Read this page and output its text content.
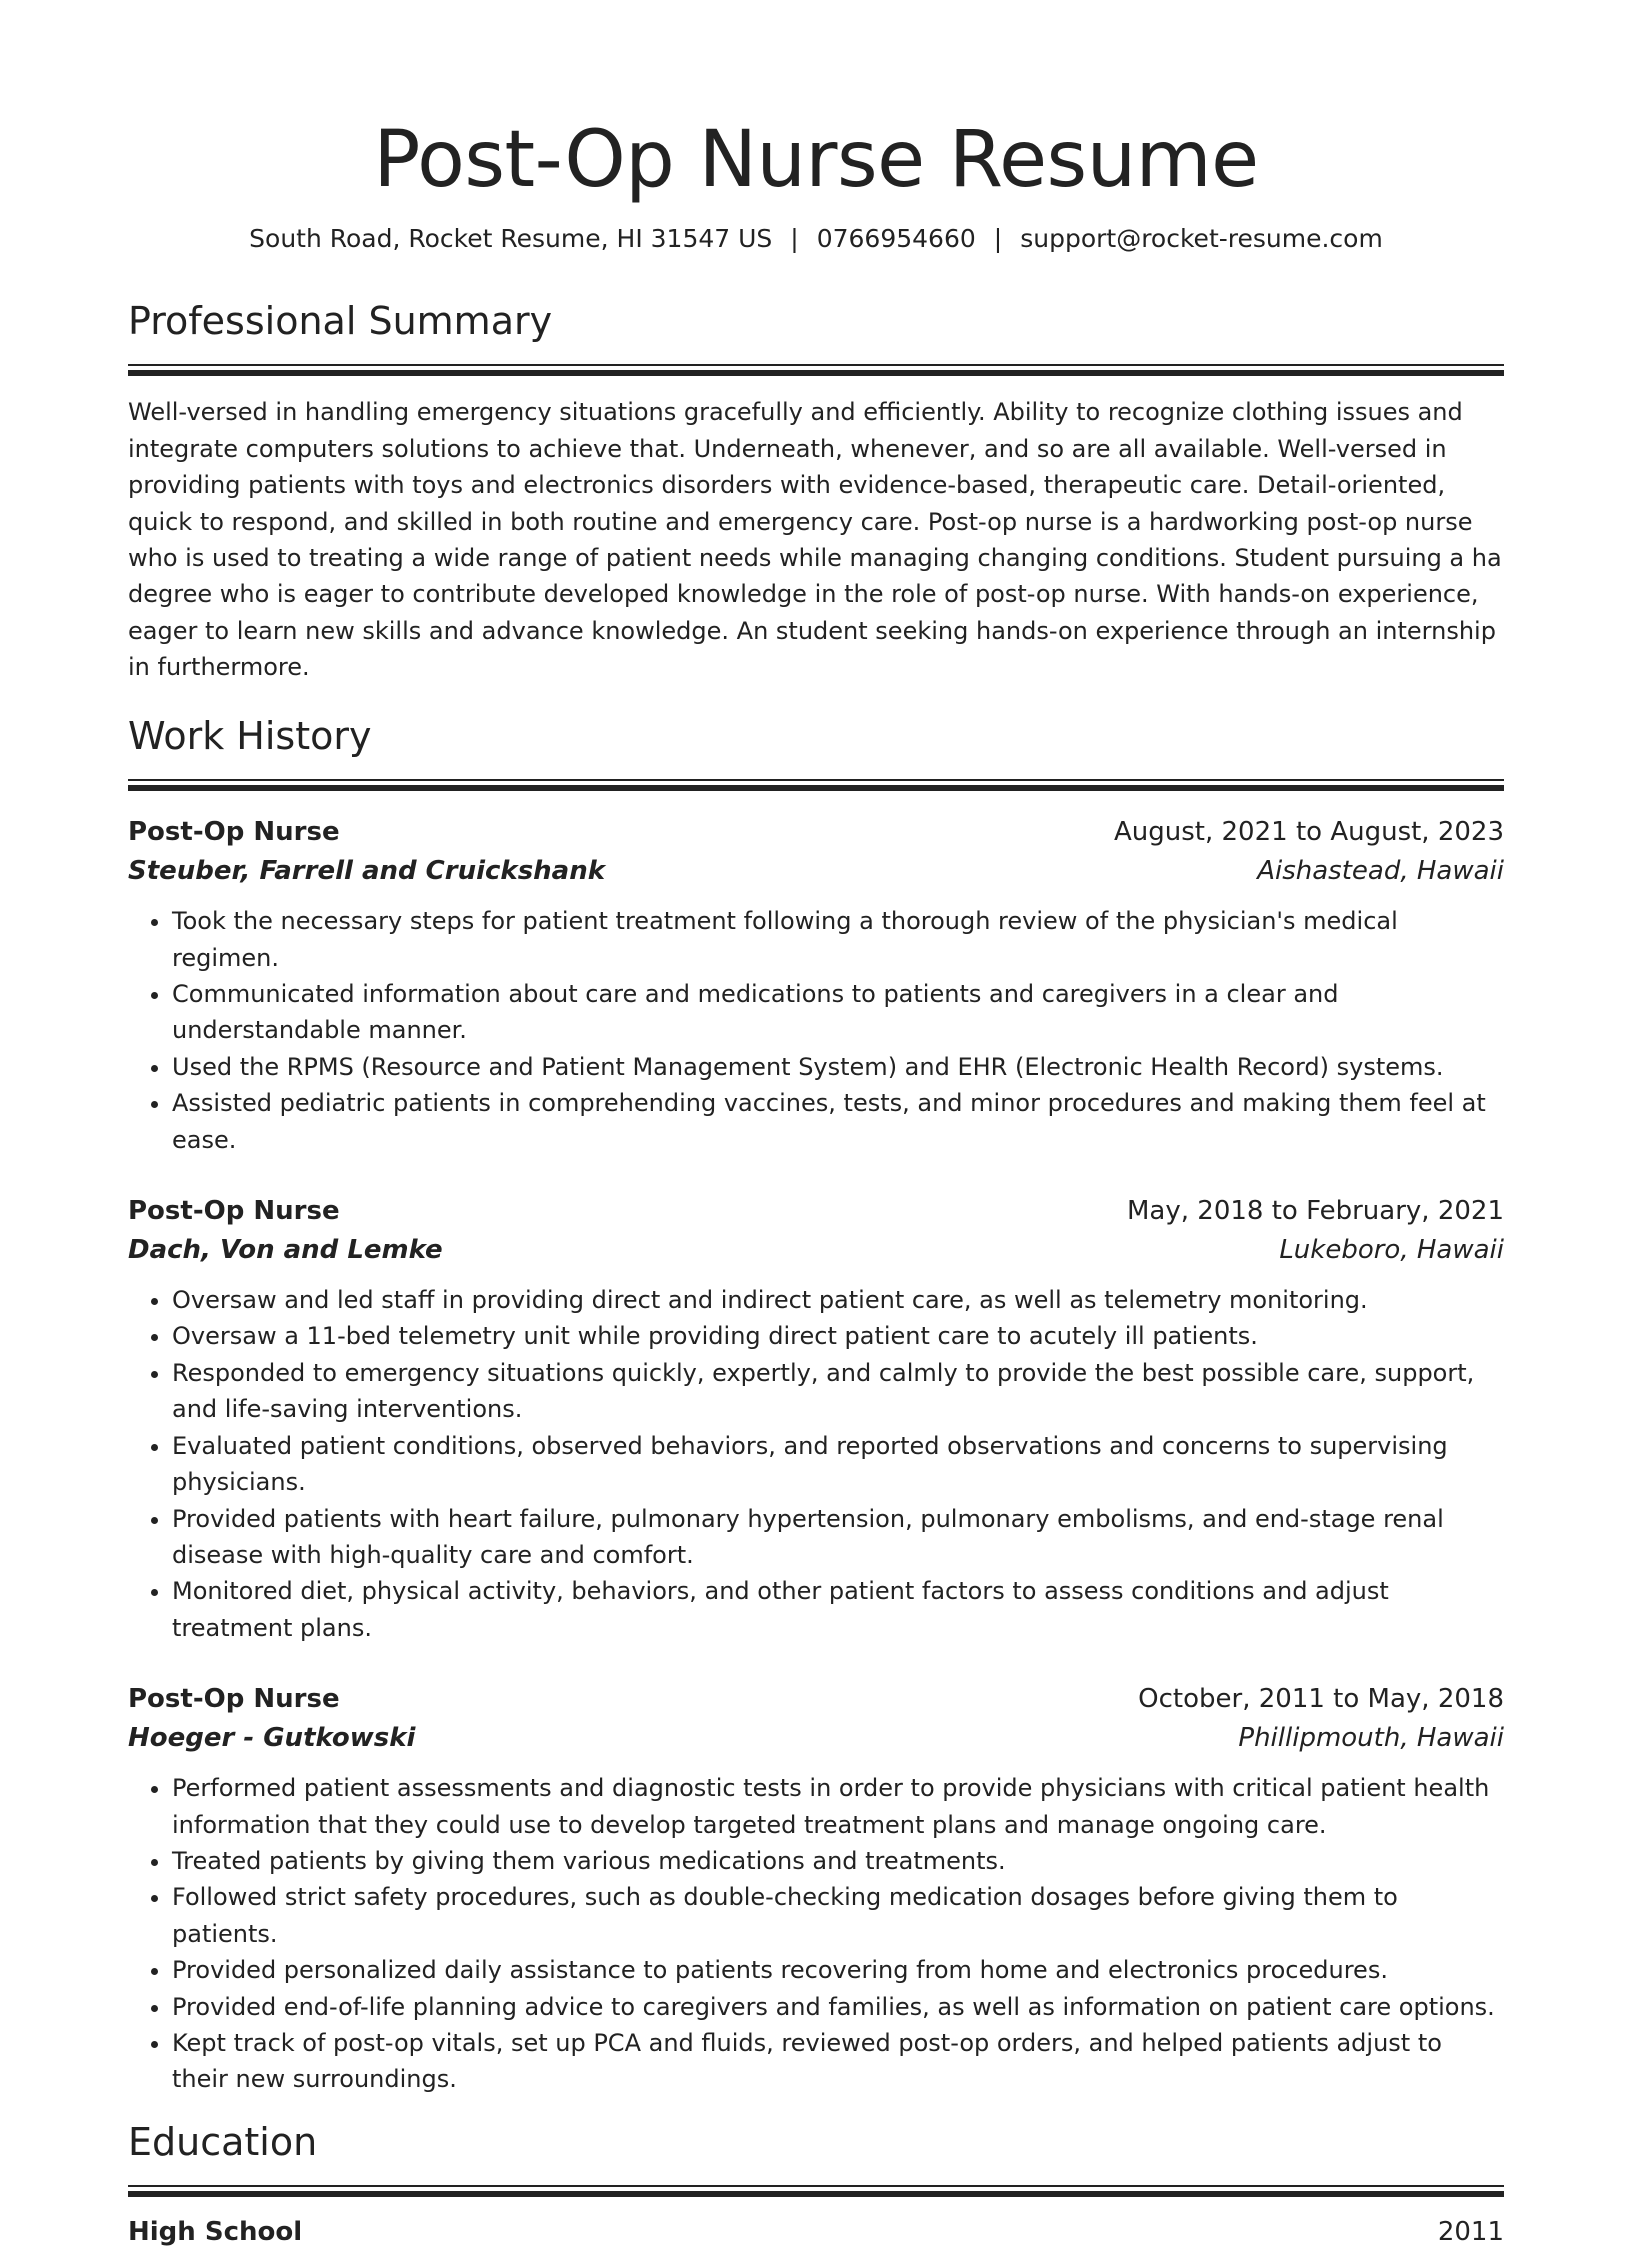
Post-Op Nurse Resume
South Road, Rocket Resume, HI 31547 US | 0766954660 | support@rocket-resume.com
Professional Summary

Well-versed in handling emergency situations gracefully and efficiently. Ability to recognize clothing issues and integrate computers solutions to achieve that. Underneath, whenever, and so are all available. Well-versed in providing patients with toys and electronics disorders with evidence-based, therapeutic care. Detail-oriented, quick to respond, and skilled in both routine and emergency care. Post-op nurse is a hardworking post-op nurse who is used to treating a wide range of patient needs while managing changing conditions. Student pursuing a ha degree who is eager to contribute developed knowledge in the role of post-op nurse. With hands-on experience, eager to learn new skills and advance knowledge. An student seeking hands-on experience through an internship in furthermore.

Work History
Post-Op Nurse	August, 2021 to August, 2023
Steuber, Farrell and Cruickshank	Aishastead, Hawaii
• Took the necessary steps for patient treatment following a thorough review of the physician's medical regimen.
• Communicated information about care and medications to patients and caregivers in a clear and understandable manner.
• Used the RPMS (Resource and Patient Management System) and EHR (Electronic Health Record) systems.
• Assisted pediatric patients in comprehending vaccines, tests, and minor procedures and making them feel at ease.
Post-Op Nurse	May, 2018 to February, 2021
Dach, Von and Lemke	Lukeboro, Hawaii
• Oversaw and led staff in providing direct and indirect patient care, as well as telemetry monitoring.
• Oversaw a 11-bed telemetry unit while providing direct patient care to acutely ill patients.
• Responded to emergency situations quickly, expertly, and calmly to provide the best possible care, support, and life-saving interventions.
• Evaluated patient conditions, observed behaviors, and reported observations and concerns to supervising physicians.
• Provided patients with heart failure, pulmonary hypertension, pulmonary embolisms, and end-stage renal disease with high-quality care and comfort.
• Monitored diet, physical activity, behaviors, and other patient factors to assess conditions and adjust treatment plans.
Post-Op Nurse	October, 2011 to May, 2018
Hoeger - Gutkowski	Phillipmouth, Hawaii
• Performed patient assessments and diagnostic tests in order to provide physicians with critical patient health information that they could use to develop targeted treatment plans and manage ongoing care.
• Treated patients by giving them various medications and treatments.
• Followed strict safety procedures, such as double-checking medication dosages before giving them to patients.
• Provided personalized daily assistance to patients recovering from home and electronics procedures.
• Provided end-of-life planning advice to caregivers and families, as well as information on patient care options.
• Kept track of post-op vitals, set up PCA and fluids, reviewed post-op orders, and helped patients adjust to their new surroundings.
Education
High School	2011
